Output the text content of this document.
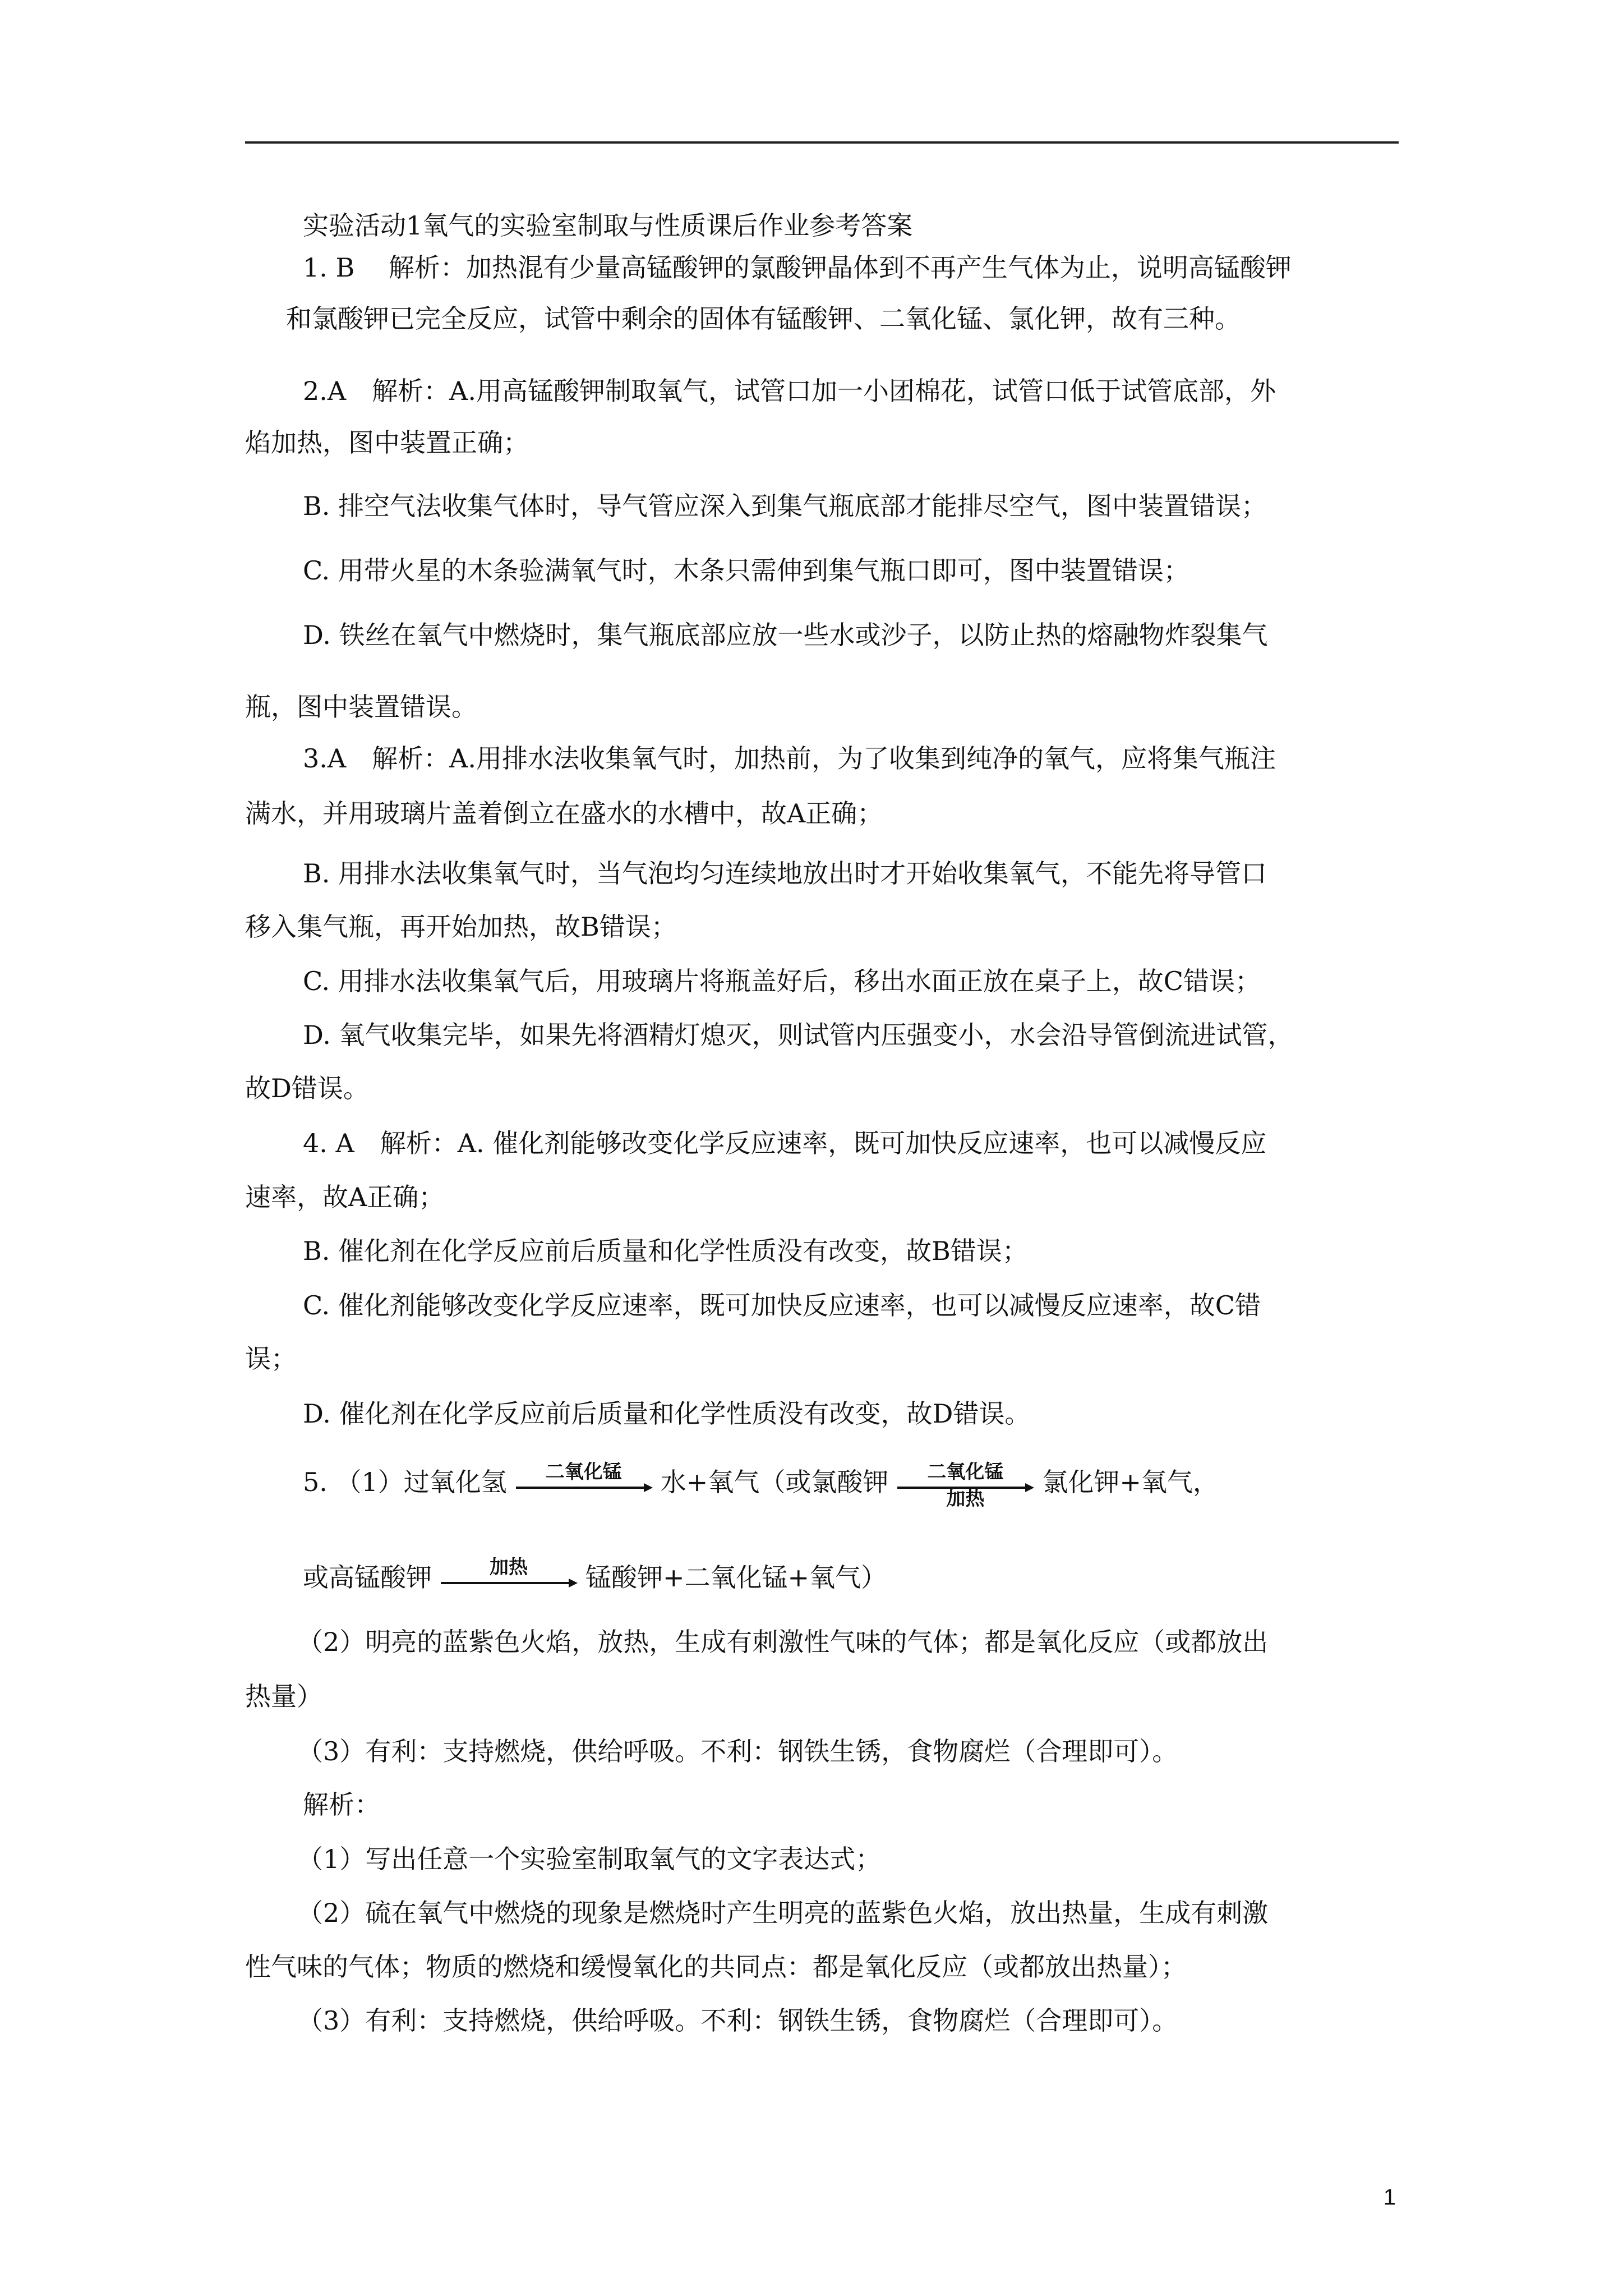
实验活动1氧气的实验室制取与性质课后作业参考答案
1. B　 解析：加热混有少量高锰酸钾的氯酸钾晶体到不再产生气体为止，说明高锰酸钾
和氯酸钾已完全反应，试管中剩余的固体有锰酸钾、二氧化锰、氯化钾，故有三种。
2.A　解析：A.用高锰酸钾制取氧气，试管口加一小团棉花，试管口低于试管底部，外
焰加热，图中装置正确；
B. 排空气法收集气体时，导气管应深入到集气瓶底部才能排尽空气，图中装置错误；
C. 用带火星的木条验满氧气时，木条只需伸到集气瓶口即可，图中装置错误；
D. 铁丝在氧气中燃烧时，集气瓶底部应放一些水或沙子，以防止热的熔融物炸裂集气
瓶，图中装置错误。
3.A　解析：A.用排水法收集氧气时，加热前，为了收集到纯净的氧气，应将集气瓶注
满水，并用玻璃片盖着倒立在盛水的水槽中，故A正确；
B. 用排水法收集氧气时，当气泡均匀连续地放出时才开始收集氧气，不能先将导管口
移入集气瓶，再开始加热，故B错误；
C. 用排水法收集氧气后，用玻璃片将瓶盖好后，移出水面正放在桌子上，故C错误；
D. 氧气收集完毕，如果先将酒精灯熄灭，则试管内压强变小，水会沿导管倒流进试管，
故D错误。
4. A　解析：A. 催化剂能够改变化学反应速率，既可加快反应速率，也可以减慢反应
速率，故A正确；
B. 催化剂在化学反应前后质量和化学性质没有改变，故B错误；
C. 催化剂能够改变化学反应速率，既可加快反应速率，也可以减慢反应速率，故C错
误；
D. 催化剂在化学反应前后质量和化学性质没有改变，故D错误。
5. （1）过氧化氢	二氧化锰	水+氧气（或氯酸钾	二氧化锰
加热
氯化钾+氧气，
或高锰酸钾	加热	锰酸钾+二氧化锰+氧气）
（2）明亮的蓝紫色火焰，放热，生成有刺激性气味的气体；都是氧化反应（或都放出
热量）
（3）有利：支持燃烧，供给呼吸。不利：钢铁生锈，食物腐烂（合理即可）。
解析：
（1）写出任意一个实验室制取氧气的文字表达式；
（2）硫在氧气中燃烧的现象是燃烧时产生明亮的蓝紫色火焰，放出热量，生成有刺激
性气味的气体；物质的燃烧和缓慢氧化的共同点：都是氧化反应（或都放出热量）；
（3）有利：支持燃烧，供给呼吸。不利：钢铁生锈，食物腐烂（合理即可）。
1
